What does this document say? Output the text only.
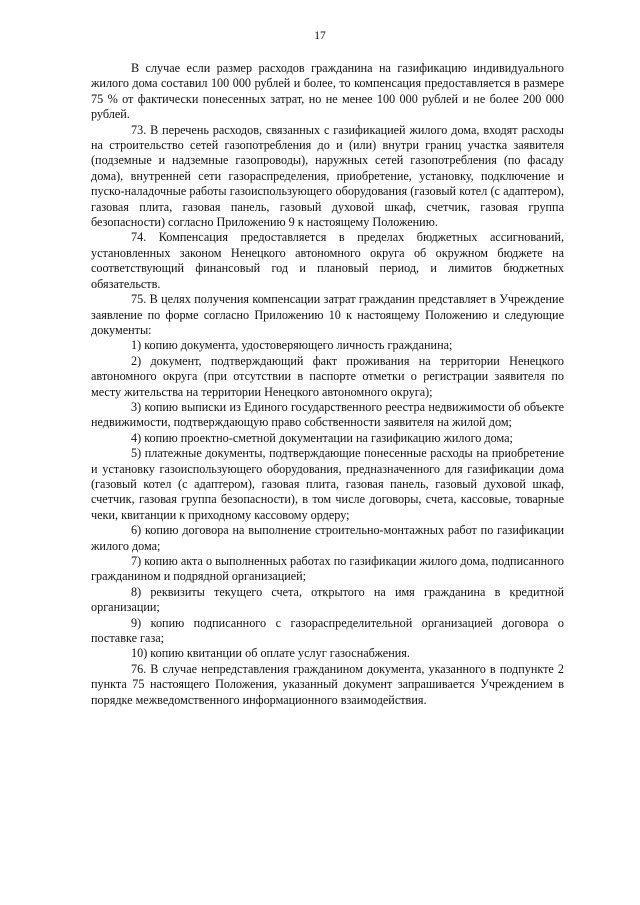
17

В случае если размер расходов гражданина на газификацию индивидуального жилого дома составил 100 000 рублей и более, то компенсация предоставляется в размере 75 % от фактически понесенных затрат, но не менее 100 000 рублей и не более 200 000 рублей.

73. В перечень расходов, связанных с газификацией жилого дома, входят расходы на строительство сетей газопотребления до и (или) внутри границ участка заявителя (подземные и надземные газопроводы), наружных сетей газопотребления (по фасаду дома), внутренней сети газораспределения, приобретение, установку, подключение и пуско-наладочные работы газоиспользующего оборудования (газовый котел (с адаптером), газовая плита, газовая панель, газовый духовой шкаф, счетчик, газовая группа безопасности) согласно Приложению 9 к настоящему Положению.

74. Компенсация предоставляется в пределах бюджетных ассигнований, установленных законом Ненецкого автономного округа об окружном бюджете на соответствующий финансовый год и плановый период, и лимитов бюджетных обязательств.

75. В целях получения компенсации затрат гражданин представляет в Учреждение заявление по форме согласно Приложению 10 к настоящему Положению и следующие документы:

1) копию документа, удостоверяющего личность гражданина;

2) документ, подтверждающий факт проживания на территории Ненецкого автономного округа (при отсутствии в паспорте отметки о регистрации заявителя по месту жительства на территории Ненецкого автономного округа);

3) копию выписки из Единого государственного реестра недвижимости об объекте недвижимости, подтверждающую право собственности заявителя на жилой дом;

4) копию проектно-сметной документации на газификацию жилого дома;

5) платежные документы, подтверждающие понесенные расходы на приобретение и установку газоиспользующего оборудования, предназначенного для газификации дома (газовый котел (с адаптером), газовая плита, газовая панель, газовый духовой шкаф, счетчик, газовая группа безопасности), в том числе договоры, счета, кассовые, товарные чеки, квитанции к приходному кассовому ордеру;

6) копию договора на выполнение строительно-монтажных работ по газификации жилого дома;

7) копию акта о выполненных работах по газификации жилого дома, подписанного гражданином и подрядной организацией;

8) реквизиты текущего счета, открытого на имя гражданина в кредитной организации;

9) копию подписанного с газораспределительной организацией договора о поставке газа;

10) копию квитанции об оплате услуг газоснабжения.

76. В случае непредставления гражданином документа, указанного в подпункте 2 пункта 75 настоящего Положения, указанный документ запрашивается Учреждением в порядке межведомственного информационного взаимодействия.
